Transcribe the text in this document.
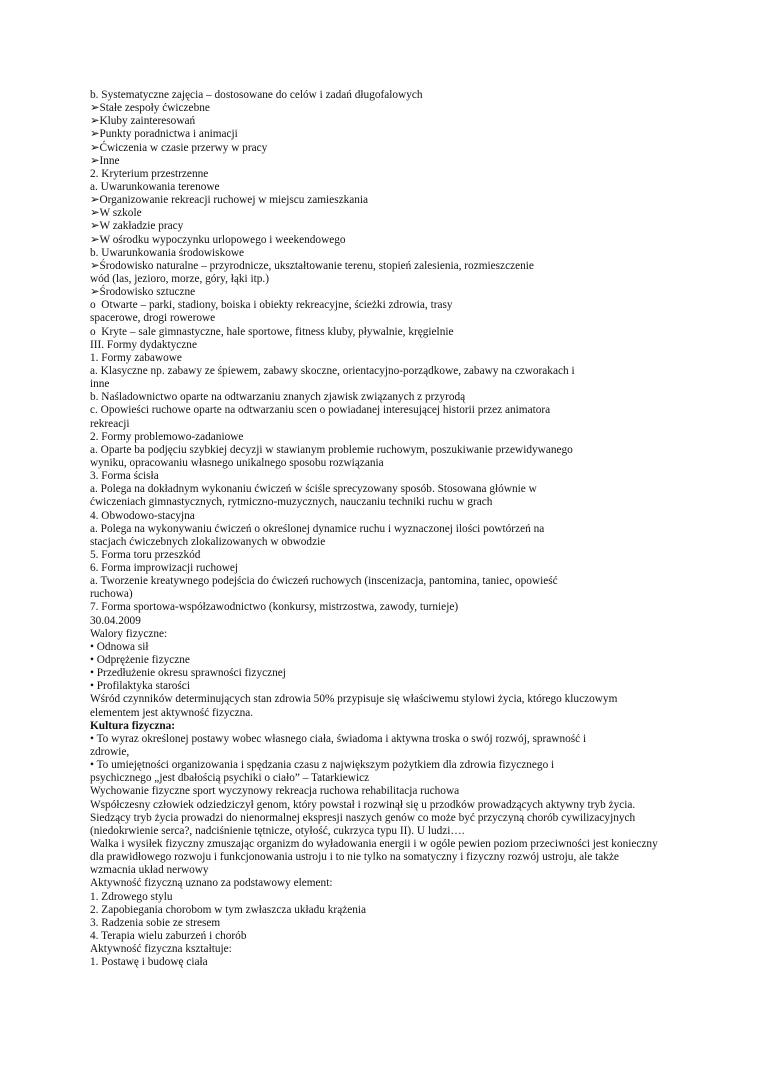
b. Systematyczne zajęcia – dostosowane do celów i zadań długofalowych
➢Stałe zespoły ćwiczebne
➢Kluby zainteresowań
➢Punkty poradnictwa i animacji
➢Ćwiczenia w czasie przerwy w pracy
➢Inne
2. Kryterium przestrzenne
a. Uwarunkowania terenowe
➢Organizowanie rekreacji ruchowej w miejscu zamieszkania
➢W szkole
➢W zakładzie pracy
➢W ośrodku wypoczynku urlopowego i weekendowego
b. Uwarunkowania środowiskowe
➢Środowisko naturalne – przyrodnicze, ukształtowanie terenu, stopień zalesienia, rozmieszczenie
wód (las, jezioro, morze, góry, łąki itp.)
➢Środowisko sztuczne
o  Otwarte – parki, stadiony, boiska i obiekty rekreacyjne, ścieżki zdrowia, trasy
spacerowe, drogi rowerowe
o  Kryte – sale gimnastyczne, hale sportowe, fitness kluby, pływalnie, kręgielnie
III. Formy dydaktyczne
1. Formy zabawowe
a. Klasyczne np. zabawy ze śpiewem, zabawy skoczne, orientacyjno-porządkowe, zabawy na czworakach i
inne
b. Naśladownictwo oparte na odtwarzaniu znanych zjawisk związanych z przyrodą
c. Opowieści ruchowe oparte na odtwarzaniu scen o powiadanej interesującej historii przez animatora
rekreacji
2. Formy problemowo-zadaniowe
a. Oparte ba podjęciu szybkiej decyzji w stawianym problemie ruchowym, poszukiwanie przewidywanego
wyniku, opracowaniu własnego unikalnego sposobu rozwiązania
3. Forma ścisła
a. Polega na dokładnym wykonaniu ćwiczeń w ściśle sprecyzowany sposób. Stosowana głównie w
ćwiczeniach gimnastycznych, rytmiczno-muzycznych, nauczaniu techniki ruchu w grach
4. Obwodowo-stacyjna
a. Polega na wykonywaniu ćwiczeń o określonej dynamice ruchu i wyznaczonej ilości powtórzeń na
stacjach ćwiczebnych zlokalizowanych w obwodzie
5. Forma toru przeszkód
6. Forma improwizacji ruchowej
a. Tworzenie kreatywnego podejścia do ćwiczeń ruchowych (inscenizacja, pantomina, taniec, opowieść
ruchowa)
7. Forma sportowa-współzawodnictwo (konkursy, mistrzostwa, zawody, turnieje)
30.04.2009
Walory fizyczne:
• Odnowa sił
• Odprężenie fizyczne
• Przedłużenie okresu sprawności fizycznej
• Profilaktyka starości
Wśród czynników determinujących stan zdrowia 50% przypisuje się właściwemu stylowi życia, którego kluczowym
elementem jest aktywność fizyczna.
Kultura fizyczna:
• To wyraz określonej postawy wobec własnego ciała, świadoma i aktywna troska o swój rozwój, sprawność i
zdrowie,
• To umiejętności organizowania i spędzania czasu z największym pożytkiem dla zdrowia fizycznego i
psychicznego „jest dbałością psychiki o ciało” – Tatarkiewicz
Wychowanie fizyczne sport wyczynowy rekreacja ruchowa rehabilitacja ruchowa
Współczesny człowiek odziedziczył genom, który powstał i rozwinął się u przodków prowadzących aktywny tryb życia.
Siedzący tryb życia prowadzi do nienormalnej ekspresji naszych genów co może być przyczyną chorób cywilizacyjnych
(niedokrwienie serca?, nadciśnienie tętnicze, otyłość, cukrzyca typu II). U ludzi….
Walka i wysiłek fizyczny zmuszając organizm do wyładowania energii i w ogóle pewien poziom przeciwności jest konieczny
dla prawidłowego rozwoju i funkcjonowania ustroju i to nie tylko na somatyczny i fizyczny rozwój ustroju, ale także
wzmacnia układ nerwowy
Aktywność fizyczną uznano za podstawowy element:
1. Zdrowego stylu
2. Zapobiegania chorobom w tym zwłaszcza układu krążenia
3. Radzenia sobie ze stresem
4. Terapia wielu zaburzeń i chorób
Aktywność fizyczna kształtuje:
1. Postawę i budowę ciała
